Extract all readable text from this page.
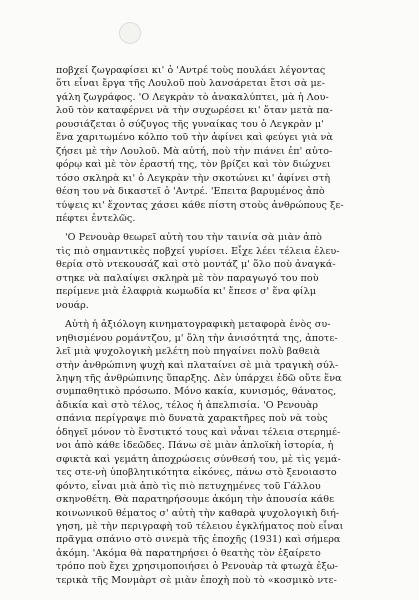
ποβχεί ζωγραφίσει κι' ὁ 'Αντρέ τοὺς πουλάει λέγοντας
ὅτι εἶναι ἔργα τῆς Λουλοῦ ποὺ λανσάρεται ἔτσι σὰ με-
γάλη ζωγράφος. 'Ο Λεγκρὰν τὸ ἀνακαλύπτει, μὰ ἡ Λου-
λοῦ τὸν καταφέρνει νὰ τὴν συχωρέσει κι' ὅταν μετὰ πα-
ρουσιάζεται ὁ σύζυγος τῆς γυναίκας του ὁ Λεγκρὰν μ'
ἕνα χαριτωμένο κόλπο τοῦ τὴν ἀφίνει καὶ φεύγει γιὰ νὰ
ζήσει μὲ τὴν Λουλοῦ. Μὰ αὐτή, ποὺ τὴν πιάνει ἐπ' αὐτο-
φόρῳ καὶ μὲ τὸν ἐραστή της, τὸν βρίζει καὶ τὸν διώχνει
τόσο σκληρὰ κι' ὁ Λεγκρὰν τὴν σκοτώνει κι' ἀφίνει στὴ
θέση του νὰ δικαστεῖ ὁ 'Αντρέ. 'Επειτα βαρυμένος ἀπὸ
τύψεις κι' ἔχοντας χάσει κάθε πίστη στοὺς ἀνθρώπους ξε-
πέφτει ἐντελῶς.
'Ο Ρενουὰρ θεωρεῖ αὐτὴ του τὴν ταινία σὰ μιὰν ἀπὸ
τὶς πιὸ σημαντικὲς ποβχεί γυρίσει. Εἶχε λέει τέλεια ἐλευ-
θερία στὸ ντεκουσάζ καὶ στὸ μοντάζ μ' ὅλο ποὺ ἀναγκά-
στηκε νὰ παλαίψει σκληρὰ μὲ τὸν παραγωγό του ποὺ
περίμενε μιὰ ἐλαφριὰ κωμωδία κι' ἔπεσε σ' ἕνα φίλμ
νουάρ.
Αὐτὴ ἡ ἀξιόλογη κινηματογραφικὴ μεταφορὰ ἑνὸς συ-
νηθισμένου ρομάντζου, μ' ὅλη τὴν ἀνισότητά της, ἀποτε-
λεῖ μιὰ ψυχολογικὴ μελέτη ποὺ πηγαίνει πολὺ βαθειὰ
στὴν ἀνθρώπινη ψυχὴ καὶ πλαταίνει σὲ μιὰ τραγικὴ σύλ-
ληψη τῆς ἀνθρώπινης ὕπαρξης. Δὲν ὑπάρχει ἐδῶ οὔτε ἕνα
συμπαθητικὸ πρόσωπο. Μόνο κακία, κυνισμός, θάνατος,
ἀδικία καὶ στὸ τέλος, τέλος ἡ ἀπελπισία. 'Ο Ρενουὰρ
σπάνια περίγραψε πιὸ δυνατὰ χαρακτῆρες ποὺ νὰ τοὺς
ὁδηγεῖ μόνον τὸ ἔνστικτό τους καὶ νἆναι τέλεια στερημέ-
νοι ἀπὸ κάθε ἰδεῶδες. Πάνω σὲ μιὰν ἁπλοϊκὴ ἱστορία, ἡ
σφικτὰ καὶ γεμάτη ἀποχρώσεις σύνθεσή του, μὲ τὶς γεμά-
τες στε-νὴ ὑποβλητικότητα εἰκόνες, πάνω στὸ ξενοιαστο
φόντο, εἶναι μιὰ ἀπὸ τὶς πιὸ πετυχημένες τοῦ Γάλλου
σκηνοθέτη. Θὰ παρατηρήσουμε ἀκόμη τὴν ἀπουσία κάθε
κοινωνικοῦ θέματος σ' αὐτὴ τὴν καθαρὰ ψυχολογικὴ διή-
γηση, μὲ τὴν περιγραφὴ τοῦ τέλειου ἐγκλήματος ποὺ εἶναι
πρᾶγμα σπάνιο στὸ σινεμὰ τῆς ἐποχῆς (1931) καὶ σήμερα
ἀκόμη. 'Ακόμα θὰ παρατηρήσει ὁ θεατὴς τὸν ἐξαίρετο
τρόπο ποὺ ἔχει χρησιμοποιήσει ὁ Ρενουὰρ τὰ φτωχὰ ἐξω-
τερικὰ τῆς Μονμὰρτ σὲ μιὰν ἐποχὴ ποὺ τὸ «κοσμικὸ ντε-
